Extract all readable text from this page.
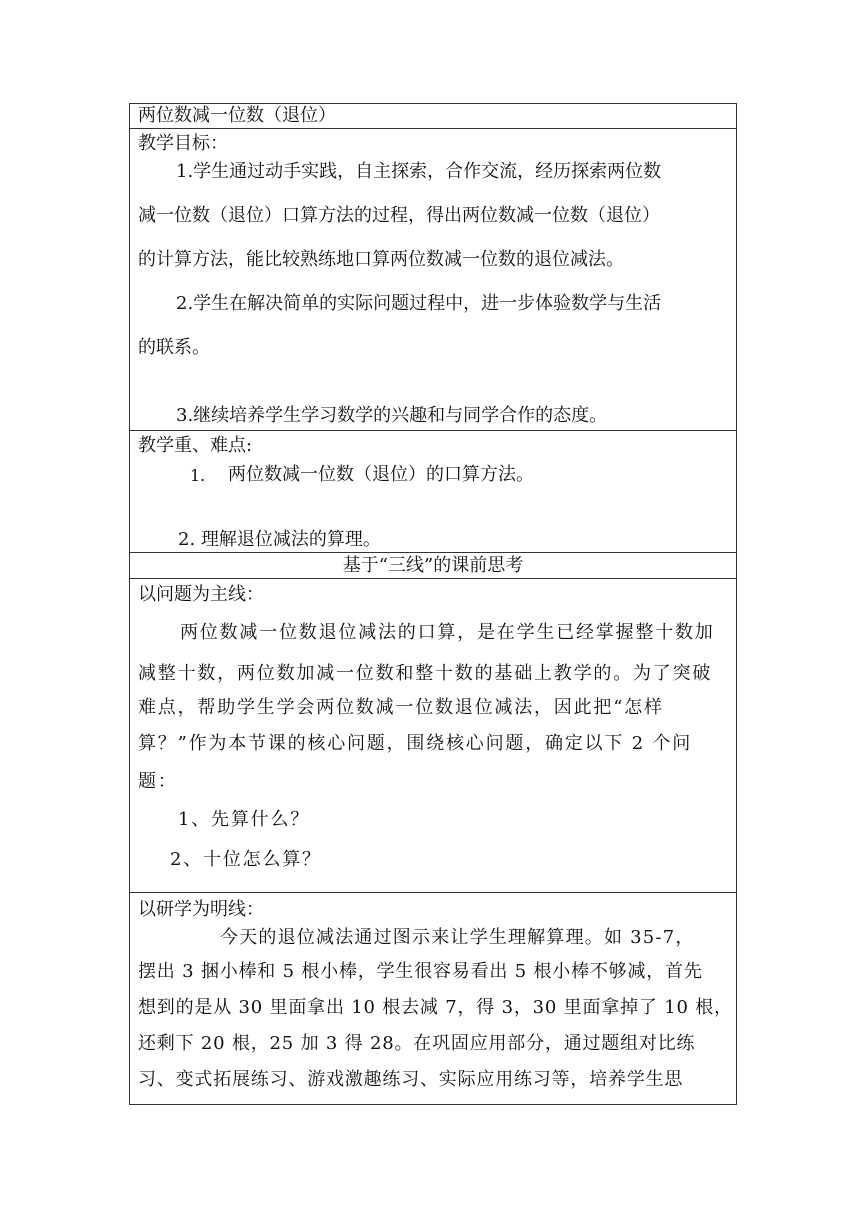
两位数减一位数（退位）
教学目标：
1.学生通过动手实践，自主探索，合作交流，经历探索两位数
减一位数（退位）口算方法的过程，得出两位数减一位数（退位）
的计算方法，能比较熟练地口算两位数减一位数的退位减法。
2.学生在解决简单的实际问题过程中，进一步体验数学与生活
的联系。
3.继续培养学生学习数学的兴趣和与同学合作的态度。
教学重、难点:
1. 两位数减一位数（退位）的口算方法。
2. 理解退位减法的算理。
基于“三线”的课前思考
以问题为主线：
两位数减一位数退位减法的口算，是在学生已经掌握整十数加
减整十数，两位数加减一位数和整十数的基础上教学的。为了突破
难点，帮助学生学会两位数减一位数退位减法，因此把“怎样
算？”作为本节课的核心问题，围绕核心问题，确定以下 2 个问
题：
1、先算什么？
2、十位怎么算？
以研学为明线：
今天的退位减法通过图示来让学生理解算理。如 35-7，
摆出 3 捆小棒和 5 根小棒，学生很容易看出 5 根小棒不够减，首先
想到的是从 30 里面拿出 10 根去减 7，得 3，30 里面拿掉了 10 根，
还剩下 20 根，25 加 3 得 28。在巩固应用部分，通过题组对比练
习、变式拓展练习、游戏激趣练习、实际应用练习等，培养学生思
